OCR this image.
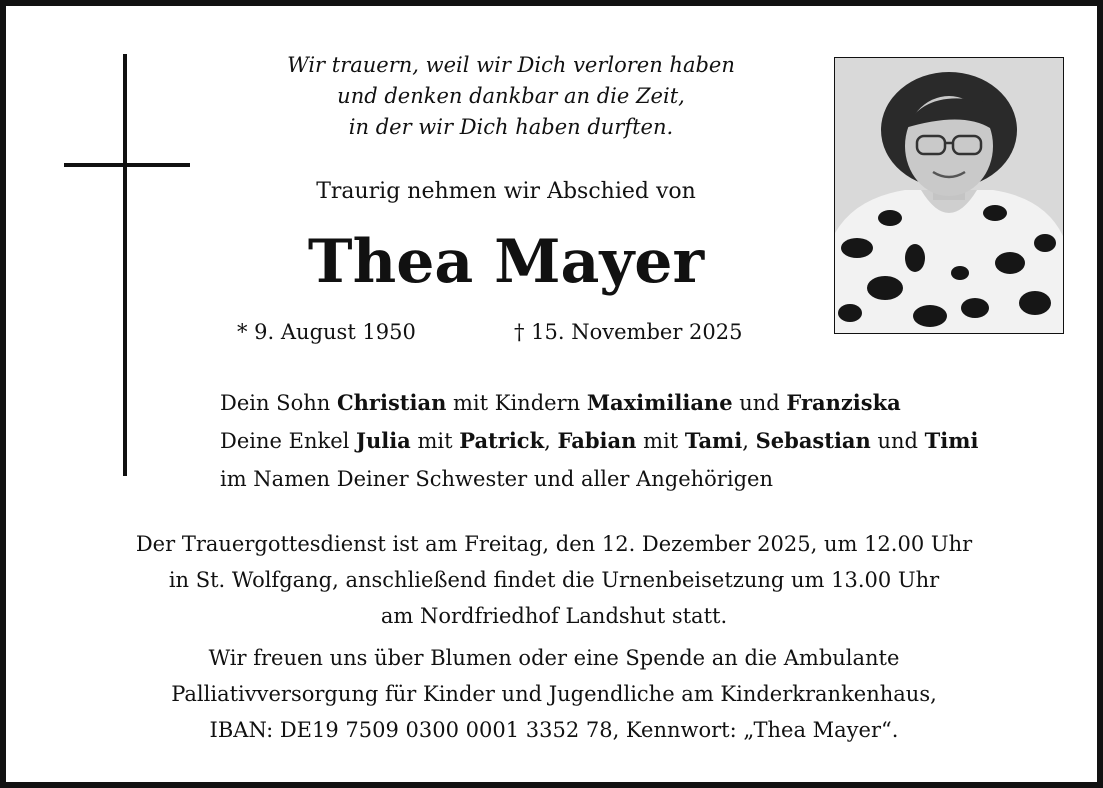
Wir trauern, weil wir Dich verloren haben
und denken dankbar an die Zeit,
in der wir Dich haben durften.
Traurig nehmen wir Abschied von
Thea Mayer
* 9. August 1950	† 15. November 2025
Dein Sohn Christian mit Kindern Maximiliane und Franziska
Deine Enkel Julia mit Patrick, Fabian mit Tami, Sebastian und Timi
im Namen Deiner Schwester und aller Angehörigen
Der Trauergottesdienst ist am Freitag, den 12. Dezember 2025, um 12.00 Uhr
in St. Wolfgang, anschließend findet die Urnenbeisetzung um 13.00 Uhr
am Nordfriedhof Landshut statt.
Wir freuen uns über Blumen oder eine Spende an die Ambulante
Palliativversorgung für Kinder und Jugendliche am Kinderkrankenhaus,
IBAN: DE19 7509 0300 0001 3352 78, Kennwort: „Thea Mayer“.
